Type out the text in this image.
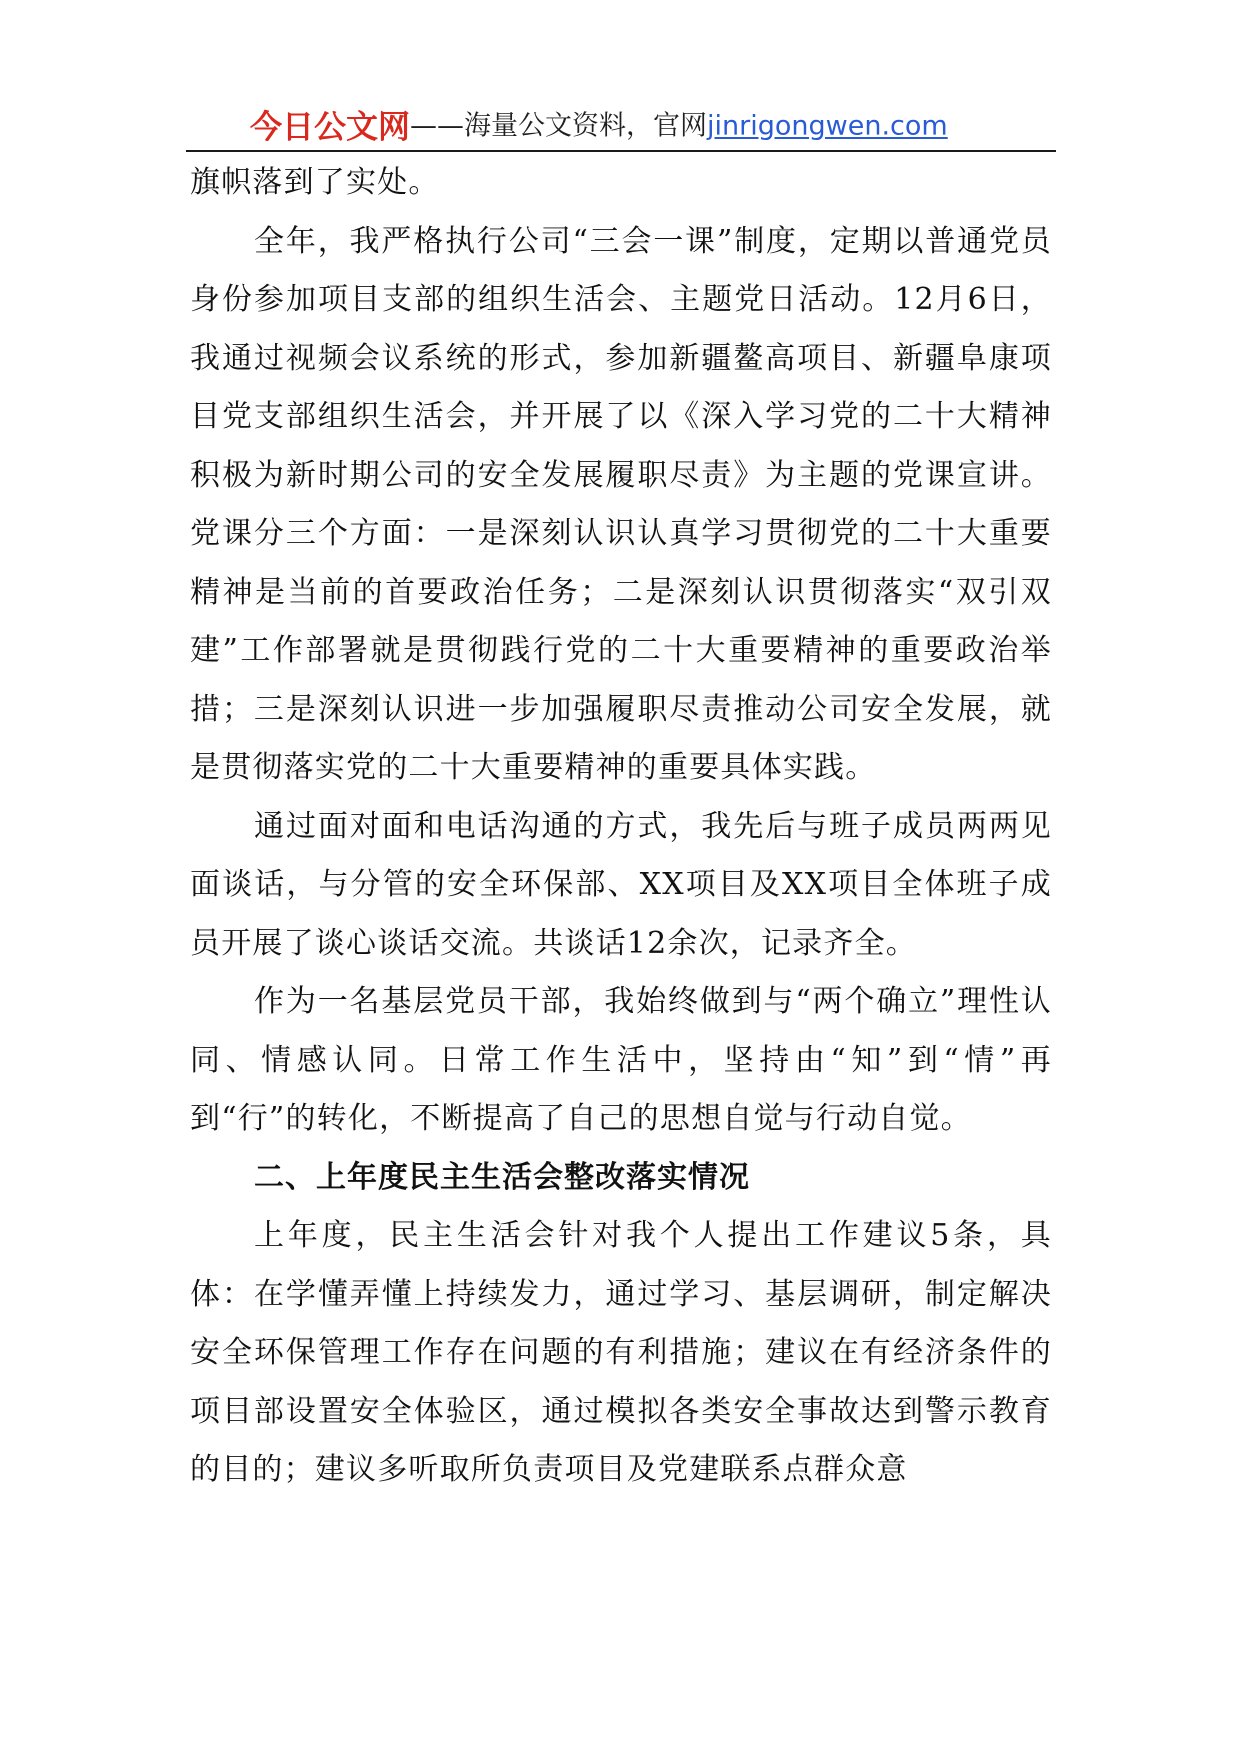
今日公文网——海量公文资料，官网jinrigongwen.com

旗帜落到了实处。

全年，我严格执行公司“三会一课”制度，定期以普通党员身份参加项目支部的组织生活会、主题党日活动。12月6日，我通过视频会议系统的形式，参加新疆鳌高项目、新疆阜康项目党支部组织生活会，并开展了以《深入学习党的二十大精神积极为新时期公司的安全发展履职尽责》为主题的党课宣讲。党课分三个方面：一是深刻认识认真学习贯彻党的二十大重要精神是当前的首要政治任务；二是深刻认识贯彻落实“双引双建”工作部署就是贯彻践行党的二十大重要精神的重要政治举措；三是深刻认识进一步加强履职尽责推动公司安全发展，就是贯彻落实党的二十大重要精神的重要具体实践。

通过面对面和电话沟通的方式，我先后与班子成员两两见面谈话，与分管的安全环保部、XX项目及XX项目全体班子成员开展了谈心谈话交流。共谈话12余次，记录齐全。

作为一名基层党员干部，我始终做到与“两个确立”理性认同、情感认同。日常工作生活中，坚持由“知”到“情”再到“行”的转化，不断提高了自己的思想自觉与行动自觉。

二、上年度民主生活会整改落实情况

上年度，民主生活会针对我个人提出工作建议5条，具体：在学懂弄懂上持续发力，通过学习、基层调研，制定解决安全环保管理工作存在问题的有利措施；建议在有经济条件的项目部设置安全体验区，通过模拟各类安全事故达到警示教育的目的；建议多听取所负责项目及党建联系点群众意
